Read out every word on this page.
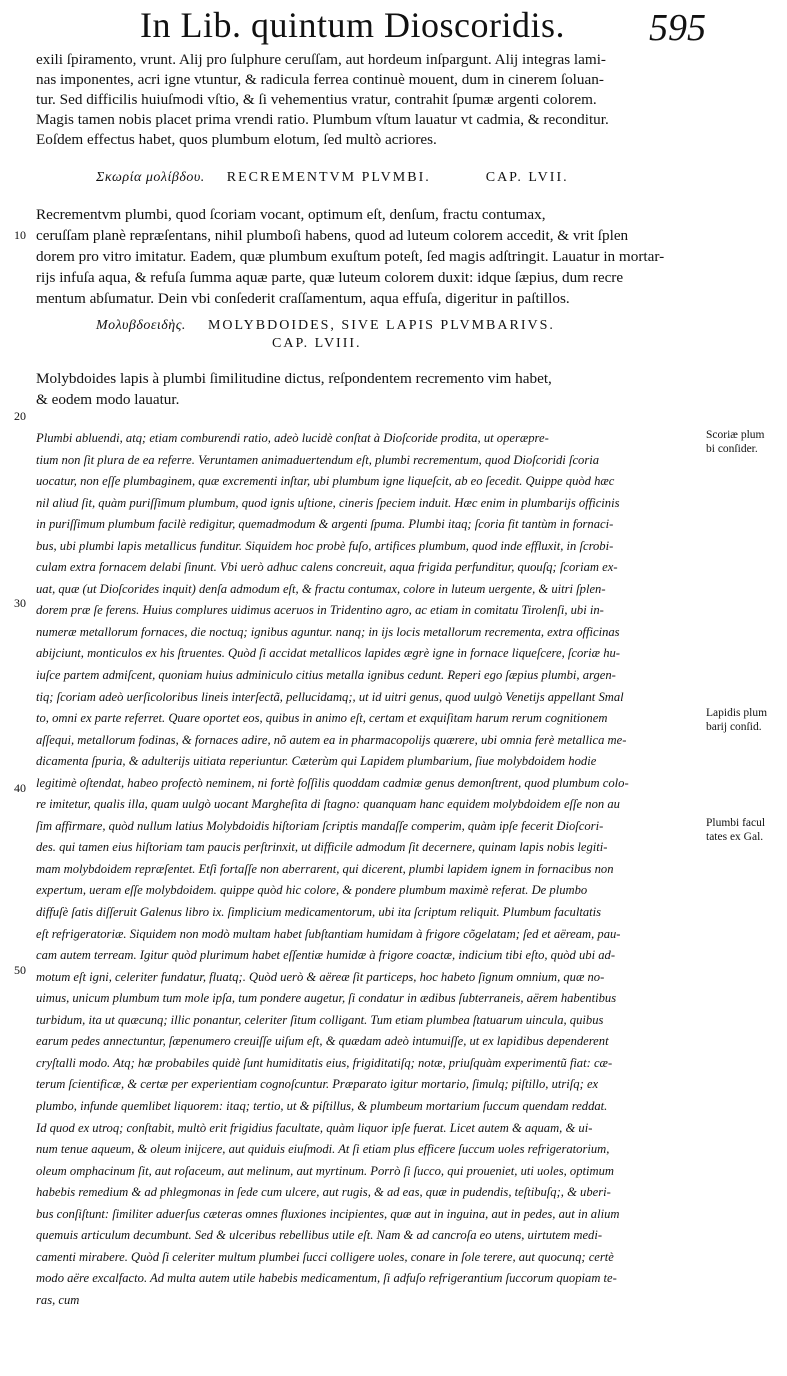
In Lib. quintum Dioscoridis. 595
exili ſpiramento, vrunt. Alij pro ſulphure ceruſſam, aut hordeum inſpargunt. Alij integras lami-
nas imponentes, acri igne vtuntur, & radicula ferrea continuè mouent, dum in cinerem ſoluan-
tur. Sed difficilis huiuſmodi vſtio, & ſi vehementius vratur, contrahit ſpumæ argenti colorem.
Magis tamen nobis placet prima vrendi ratio. Plumbum vſtum lauatur vt cadmia, & reconditur.
Eoſdem effectus habet, quos plumbum elotum, ſed multò acriores.
Σκωρία μολίβδου. RECREMENTVM PLVMBI.	CAP. LVII.
Recrementvm plumbi, quod ſcoriam vocant, optimum eſt, denſum, fractu contumax,
ceruſſam planè repræſentans, nihil plumboſi habens, quod ad luteum colorem accedit, & vrit ſplen
dorem pro vitro imitatur. Eadem, quæ plumbum exuſtum poteſt, ſed magis adſtringit. Lauatur in mortar-
rijs infuſa aqua, & refuſa ſumma aquæ parte, quæ luteum colorem duxit: idque ſæpius, dum recre
mentum abſumatur. Dein vbi conſederit craſſamentum, aqua effuſa, digeritur in paſtillos.
Μολυβδοειδὴς. MOLYBDOIDES, SIVE LAPIS PLVMBARIVS.
CAP. LVIII.
Molybdoides lapis à plumbi ſimilitudine dictus, reſpondentem recremento vim habet,
& eodem modo lauatur.
10
20
30
40
50
Plumbi abluendi, atq; etiam comburendi ratio, adeò lucidè conſtat à Dioſcoride prodita, ut operæpre-
tium non ſit plura de ea referre. Veruntamen animaduertendum eſt, plumbi recrementum, quod Dioſcoridi ſcoria
uocatur, non eſſe plumbaginem, quæ excrementi inſtar, ubi plumbum igne liqueſcit, ab eo ſecedit. Quippe quòd hæc
nil aliud ſit, quàm puriſſimum plumbum, quod ignis uſtione, cineris ſpeciem induit. Hæc enim in plumbarijs officinis
in puriſſimum plumbum facilè redigitur, quemadmodum & argenti ſpuma. Plumbi itaq; ſcoria fit tantùm in fornaci-
bus, ubi plumbi lapis metallicus funditur. Siquidem hoc probè fuſo, artifices plumbum, quod inde effluxit, in ſcrobi-
culam extra fornacem delabi ſinunt. Vbi uerò adhuc calens concreuit, aqua frigida perfunditur, quouſq; ſcoriam ex-
uat, quæ (ut Dioſcorides inquit) denſa admodum eſt, & fractu contumax, colore in luteum uergente, & uitri ſplen-
dorem præ ſe ferens. Huius complures uidimus aceruos in Tridentino agro, ac etiam in comitatu Tirolenſi, ubi in-
numeræ metallorum fornaces, die noctuq; ignibus aguntur. nanq; in ijs locis metallorum recrementa, extra officinas
abijciunt, monticulos ex his ſtruentes. Quòd ſi accidat metallicos lapides ægrè igne in fornace liqueſcere, ſcoriæ hu-
iuſce partem admiſcent, quoniam huius adminiculo citius metalla ignibus cedunt. Reperi ego ſæpius plumbi, argen-
tiq; ſcoriam adeò uerſicoloribus lineis interſectã, pellucidamq;, ut id uitri genus, quod uulgò Venetijs appellant Smal
to, omni ex parte referret. Quare oportet eos, quibus in animo eſt, certam et exquiſitam harum rerum cognitionem
aſſequi, metallorum fodinas, & fornaces adire, nõ autem ea in pharmacopolijs quærere, ubi omnia ferè metallica me-
dicamenta ſpuria, & adulterijs uitiata reperiuntur. Cæterùm qui Lapidem plumbarium, ſiue molybdoidem hodie
legitimè oſtendat, habeo profectò neminem, ni fortè foſſilis quoddam cadmiæ genus demonſtrent, quod plumbum colo-
re imitetur, qualis illa, quam uulgò uocant Margheſita di ſtagno: quanquam hanc equidem molybdoidem eſſe non au
ſim affirmare, quòd nullum latius Molybdoidis hiſtoriam ſcriptis mandaſſe comperim, quàm ipſe fecerit Dioſcori-
des. qui tamen eius hiſtoriam tam paucis perſtrinxit, ut difficile admodum ſit decernere, quinam lapis nobis legiti-
mam molybdoidem repræſentet. Etſi fortaſſe non aberrarent, qui dicerent, plumbi lapidem ignem in fornacibus non
expertum, ueram eſſe molybdoidem. quippe quòd hic colore, & pondere plumbum maximè referat. De plumbo
diffuſè ſatis diſſeruit Galenus libro ix. ſimplicium medicamentorum, ubi ita ſcriptum reliquit. Plumbum facultatis
eſt refrigeratoriæ. Siquidem non modò multam habet ſubſtantiam humidam à frigore cõgelatam; ſed et aëream, pau-
cam autem terream. Igitur quòd plurimum habet eſſentiæ humidæ à frigore coactæ, indicium tibi eſto, quòd ubi ad-
motum eſt igni, celeriter fundatur, fluatq;. Quòd uerò & aëreæ ſit particeps, hoc habeto ſignum omnium, quæ no-
uimus, unicum plumbum tum mole ipſa, tum pondere augetur, ſi condatur in ædibus ſubterraneis, aërem habentibus
turbidum, ita ut quæcunq; illic ponantur, celeriter ſitum colligant. Tum etiam plumbea ſtatuarum uincula, quibus
earum pedes annectuntur, ſæpenumero creuiſſe uiſum eſt, & quædam adeò intumuiſſe, ut ex lapidibus dependerent
cryſtalli modo. Atq; hæ probabiles quidè ſunt humiditatis eius, frigiditatiſq; notæ, priuſquàm experimentũ fiat: cæ-
terum ſcientificæ, & certæ per experientiam cognoſcuntur. Præparato igitur mortario, ſimulq; piſtillo, utriſq; ex
plumbo, infunde quemlibet liquorem: itaq; tertio, ut & piſtillus, & plumbeum mortarium ſuccum quendam reddat.
Id quod ex utroq; conſtabit, multò erit frigidius facultate, quàm liquor ipſe fuerat. Licet autem & aquam, & ui-
num tenue aqueum, & oleum inijcere, aut quiduis eiuſmodi. At ſi etiam plus efficere ſuccum uoles refrigeratorium,
oleum omphacinum ſit, aut roſaceum, aut melinum, aut myrtinum. Porrò ſi ſucco, qui proueniet, uti uoles, optimum
habebis remedium & ad phlegmonas in ſede cum ulcere, aut rugis, & ad eas, quæ in pudendis, teſtibuſq;, & uberi-
bus conſiſtunt: ſimiliter aduerſus cæteras omnes fluxiones incipientes, quæ aut in inguina, aut in pedes, aut in alium
quemuis articulum decumbunt. Sed & ulceribus rebellibus utile eſt. Nam & ad cancroſa eo utens, uirtutem medi-
camenti mirabere. Quòd ſi celeriter multum plumbei ſucci colligere uoles, conare in ſole terere, aut quocunq; certè
modo aëre excalfacto. Ad multa autem utile habebis medicamentum, ſi adfuſo refrigerantium ſuccorum quopiam te-
ras, cum
Scoriæ plum
bi conſider.
Lapidis plum
barij conſid.
Plumbi facul
tates ex Gal.
